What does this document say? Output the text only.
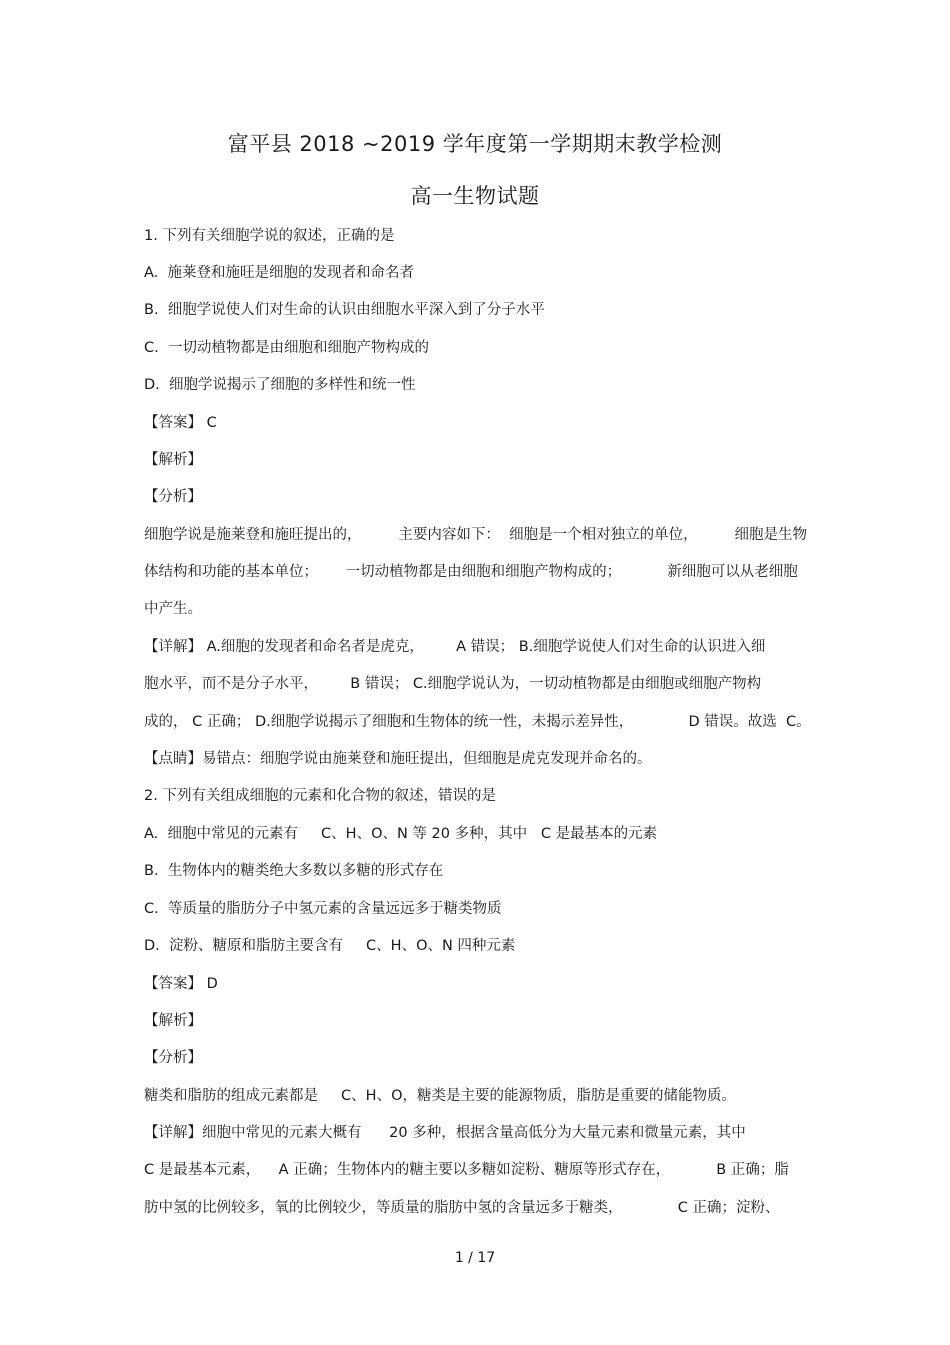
富平县 2018 ~2019 学年度第一学期期末教学检测
高一生物试题
1. 下列有关细胞学说的叙述，正确的是
A.  施莱登和施旺是细胞的发现者和命名者
B.  细胞学说使人们对生命的认识由细胞水平深入到了分子水平
C.  一切动植物都是由细胞和细胞产物构成的
D.  细胞学说揭示了细胞的多样性和统一性
【答案】 C
【解析】
【分析】
细胞学说是施莱登和施旺提出的，        主要内容如下：  细胞是一个相对独立的单位，        细胞是生物
体结构和功能的基本单位；      一切动植物都是由细胞和细胞产物构成的；          新细胞可以从老细胞
中产生。
【详解】 A.细胞的发现者和命名者是虎克，       A 错误； B.细胞学说使人们对生命的认识进入细
胞水平，而不是分子水平，       B 错误； C.细胞学说认为，一切动植物都是由细胞或细胞产物构
成的， C 正确； D.细胞学说揭示了细胞和生物体的统一性，未揭示差异性，            D 错误。故选  C。
【点睛】易错点：细胞学说由施莱登和施旺提出，但细胞是虎克发现并命名的。
2. 下列有关组成细胞的元素和化合物的叙述，错误的是
A.  细胞中常见的元素有     C、H、O、N 等 20 多种，其中   C 是最基本的元素
B.  生物体内的糖类绝大多数以多糖的形式存在
C.  等质量的脂肪分子中氢元素的含量远远多于糖类物质
D.  淀粉、糖原和脂肪主要含有     C、H、O、N 四种元素
【答案】 D
【解析】
【分析】
糖类和脂肪的组成元素都是     C、H、O，糖类是主要的能源物质，脂肪是重要的储能物质。
【详解】细胞中常见的元素大概有      20 多种，根据含量高低分为大量元素和微量元素，其中
C 是最基本元素，    A 正确；生物体内的糖主要以多糖如淀粉、糖原等形式存在，          B 正确；脂
肪中氢的比例较多，氧的比例较少，等质量的脂肪中氢的含量远多于糖类，            C 正确；淀粉、
1 / 17
